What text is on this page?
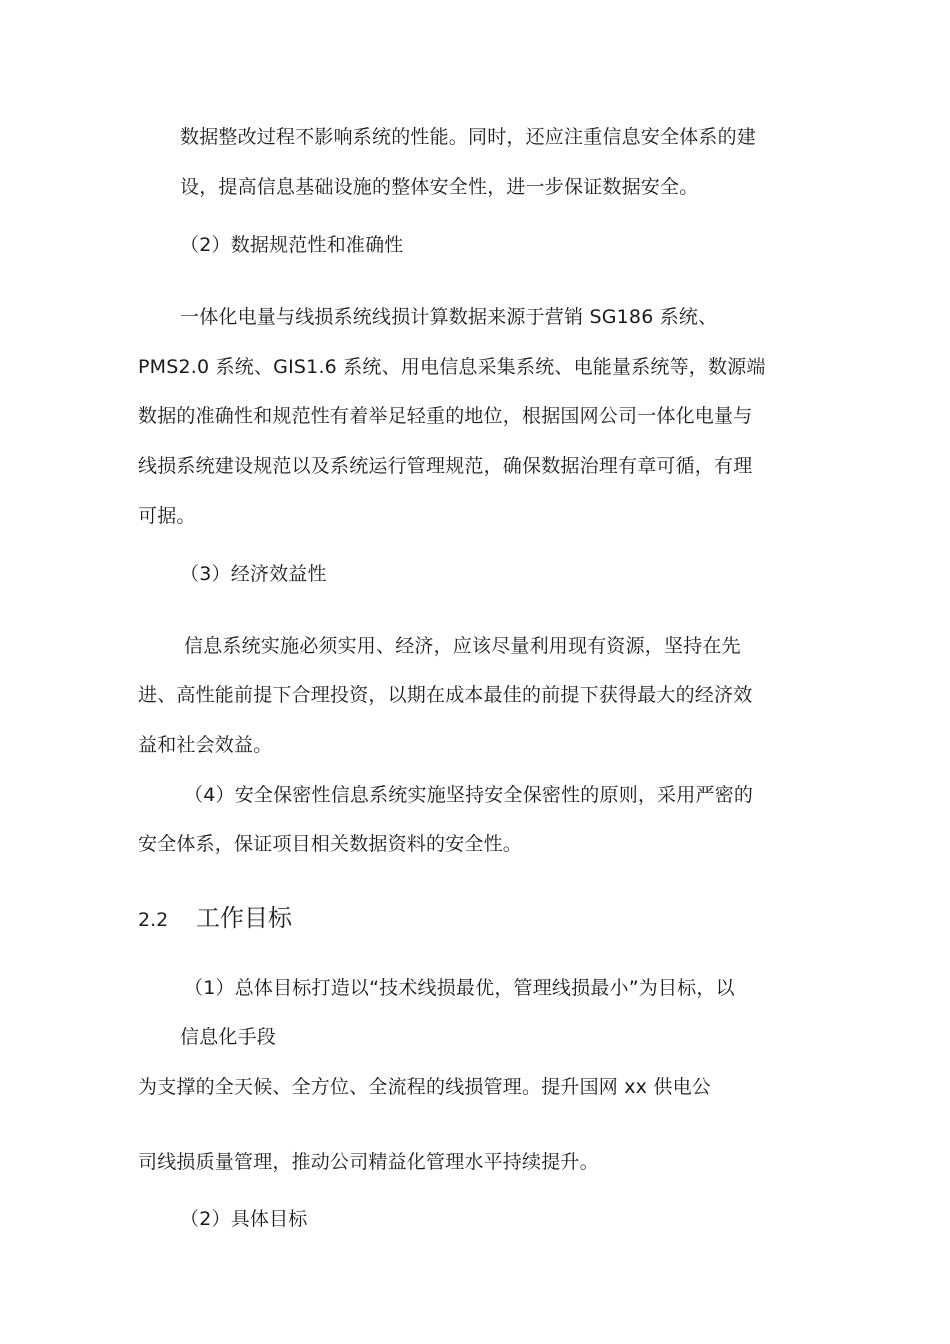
数据整改过程不影响系统的性能。同时，还应注重信息安全体系的建
设，提高信息基础设施的整体安全性，进一步保证数据安全。
（2）数据规范性和准确性
一体化电量与线损系统线损计算数据来源于营销 SG186 系统、
PMS2.0 系统、GIS1.6 系统、用电信息采集系统、电能量系统等，数源端
数据的准确性和规范性有着举足轻重的地位，根据国网公司一体化电量与
线损系统建设规范以及系统运行管理规范，确保数据治理有章可循，有理
可据。
（3）经济效益性
信息系统实施必须实用、经济，应该尽量利用现有资源，坚持在先
进、高性能前提下合理投资，以期在成本最佳的前提下获得最大的经济效
益和社会效益。
（4）安全保密性信息系统实施坚持安全保密性的原则，采用严密的
安全体系，保证项目相关数据资料的安全性。
2.2 工作目标
（1）总体目标打造以“技术线损最优，管理线损最小”为目标，以
信息化手段
为支撑的全天候、全方位、全流程的线损管理。提升国网 xx 供电公
司线损质量管理，推动公司精益化管理水平持续提升。
（2）具体目标
